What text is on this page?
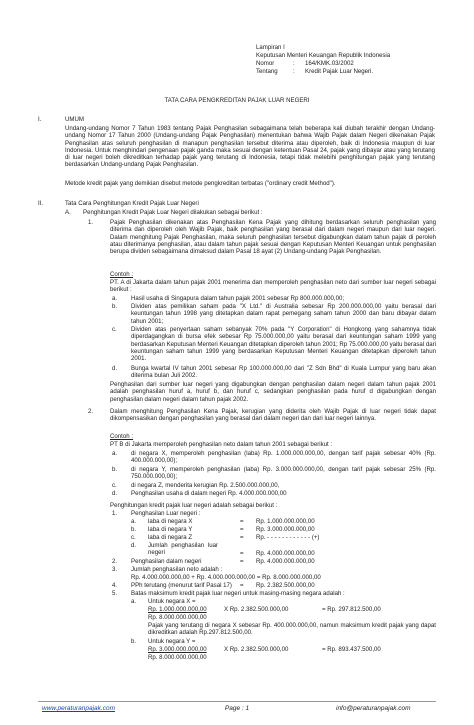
Lampiran I
Keputusan Menteri Keuangan Republik Indonesia
Nomor	: 164/KMK.03/2002
Tentang	: Kredit Pajak Luar Negeri.
TATA CARA PENGKREDITAN PAJAK LUAR NEGERI
I.	UMUM
Undang-undang Nomor 7 Tahun 1983 tentang Pajak Penghasilan sebagaimana telah beberapa kali diubah terakhir dengan Undang-undang Nomor 17 Tahun 2000 (Undang-undang Pajak Penghasilan) menentukan bahwa Wajib Pajak dalam Negeri dikenakan Pajak Penghasilan atas seluruh penghasilan di manapun penghasilan tersebut diterima atau diperoleh, baik di Indonesia maupun di luar Indonesia. Untuk menghindari pengenaan pajak ganda maka sesuai dengan ketentuan Pasal 24, pajak yang dibayar atau yang terutang di luar negeri boleh dikreditkan terhadap pajak yang terutang di Indonesia, tetapi tidak melebihi penghitungan pajak yang terutang berdasarkan Undang-undang Pajak Penghasilan.
Metode kredit pajak yang demikian disebut metode pengkreditan terbatas ("ordinary credit Method").
II.	Tata Cara Penghitungan Kredit Pajak Luar Negeri
A. Penghitungan Kredit Pajak Luar Negeri dilakukan sebagai berikut :
1.	Pajak Penghasilan dikenakan atas Penghasilan Kena Pajak yang dihitung berdasarkan seluruh penghasilan yang diterima dan diperoleh oleh Wajib Pajak, baik penghasilan yang berasal dari dalam negeri maupun dari luar negeri. Dalam menghitung Pajak Penghasilan, maka seluruh penghasilan tersebut digabungkan dalam tahun pajak di peroleh atau diterimanya penghasilan, atau dalam tahun pajak sesuai dengan Keputusan Menteri Keuangan untuk penghasilan berupa dividen sebagaimana dimaksud dalam Pasal 18 ayat (2) Undang-undang Pajak Penghasilan.
Contoh :
PT. A di Jakarta dalam tahun pajak 2001 menerima dan memperoleh penghasilan neto dari sumber luar negeri sebagai berikut :
a. Hasil usaha di Singapura dalam tahun pajak 2001 sebesar Rp 800.000.000,00;
b. Dividen atas pemilikan saham pada "X Ltd." di Australia sebesar Rp 200.000.000,00 yaitu berasal dari keuntungan tahun 1998 yang ditetapkan dalam rapat pemegang saham tahun 2000 dan baru dibayar dalam tahun 2001;
c. Dividen atas penyertaan saham sebanyak 70% pada "Y Corporation" di Hongkong yang sahamnya tidak diperdagangkan di bursa efek sebesar Rp 75.000.000,00 yaitu berasal dari keuntungan saham 1999 yang berdasarkan Keputusan Menteri Keuangan ditetapkan diperoleh tahun 2001; Rp 75.000.000,00 yaitu berasal dari keuntungan saham tahun 1999 yang berdasarkan Keputusan Menteri Keuangan ditetapkan diperoleh tahun 2001.
d. Bunga kwartal IV tahun 2001 sebesar Rp 100.000.000,00 dari "Z Sdn Bhd" di Kuala Lumpur yang baru akan diterima bulan Juli 2002.
Penghasilan dari sumber luar negeri yang digabungkan dengan penghasilan dalam negeri dalam tahun pajak 2001 adalah penghasilan huruf a, huruf b, dan huruf c, sedangkan penghasilan pada huruf d digabungkan dengan penghasilan dalam negeri dalam tahun pajak 2002.
2.	Dalam menghitung Penghasilan Kena Pajak, kerugian yang diderita oleh Wajib Pajak di luar negeri tidak dapat dikompensasikan dengan penghasilan yang berasal dari dalam negeri dan dari luar negeri lainnya.
Contoh :
PT B di Jakarta memperoleh penghasilan neto dalam tahun 2001 sebagai berikut :
a. di negara X, memperoleh penghasilan (laba) Rp. 1.000.000.000,00, dengan tarif pajak sebesar 40% (Rp. 400.000.000,00);
b. di negara Y, memperoleh penghasilan (laba) Rp. 3.000.000.000,00, dengan tarif pajak sebesar 25% (Rp. 750.000.000,00);
c. di negara Z, menderita kerugian Rp. 2.500.000.000,00,
d. Penghasilan usaha di dalam negeri Rp. 4.000.000.000,00
Penghitungan kredit pajak luar negeri adalah sebagai berikut :
1. Penghasilan Luar negeri :
a. laba di negara X	= Rp. 1.000.000.000,00
b. laba di negara Y	= Rp. 3.000.000.000,00
c. laba di negara Z	= Rp. - - - - - - - - - - - - (+)
d. Jumlah penghasilan luar negeri	= Rp. 4.000.000.000,00
2. Penghasilan dalam negeri	= Rp. 4.000.000.000,00
3. Jumlah penghasilan neto adalah :
Rp. 4.000.000.000,00 + Rp. 4.000.000.000,00 = Rp. 8.000.000.000,00
4. PPh terutang (menurut tarif Pasal 17) = Rp. 2.382.500.000,00
5. Batas maksimum kredit pajak luar negeri untuk masing-masing negara adalah :
a. Untuk negara X =
Rp. 1.000.000.000,00	X Rp. 2.382.500.000,00	= Rp. 297.812.500,00
Rp. 8.000.000.000,00
Pajak yang terutang di negara X sebesar Rp. 400.000.000,00, namun maksimum kredit pajak yang dapat dikreditkan adalah Rp.297.812.500,00.
b. Untuk negara Y =
Rp. 3.000.000.000,00	X Rp. 2.382.500.000,00	= Rp. 893.437.500,00
Rp. 8.000.000.000,00
www.peraturanpajak.com	Page : 1	info@peraturanpajak.com
